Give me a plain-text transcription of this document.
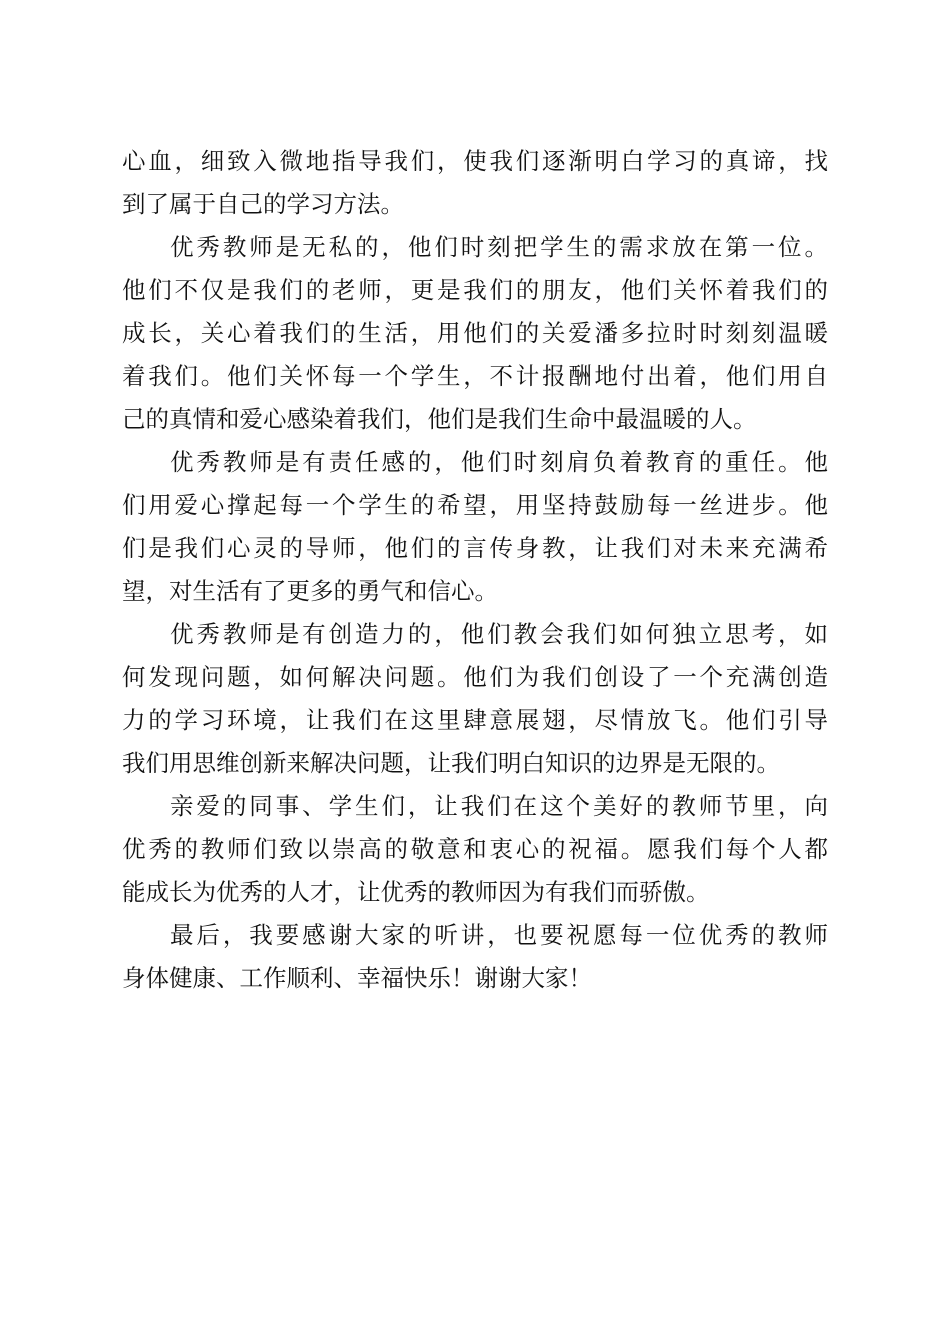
心血，细致入微地指导我们，使我们逐渐明白学习的真谛，找
到了属于自己的学习方法。
优秀教师是无私的，他们时刻把学生的需求放在第一位。
他们不仅是我们的老师，更是我们的朋友，他们关怀着我们的
成长，关心着我们的生活，用他们的关爱潘多拉时时刻刻温暖
着我们。他们关怀每一个学生，不计报酬地付出着，他们用自
己的真情和爱心感染着我们，他们是我们生命中最温暖的人。
优秀教师是有责任感的，他们时刻肩负着教育的重任。他
们用爱心撑起每一个学生的希望，用坚持鼓励每一丝进步。他
们是我们心灵的导师，他们的言传身教，让我们对未来充满希
望，对生活有了更多的勇气和信心。
优秀教师是有创造力的，他们教会我们如何独立思考，如
何发现问题，如何解决问题。他们为我们创设了一个充满创造
力的学习环境，让我们在这里肆意展翅，尽情放飞。他们引导
我们用思维创新来解决问题，让我们明白知识的边界是无限的。
亲爱的同事、学生们，让我们在这个美好的教师节里，向
优秀的教师们致以崇高的敬意和衷心的祝福。愿我们每个人都
能成长为优秀的人才，让优秀的教师因为有我们而骄傲。
最后，我要感谢大家的听讲，也要祝愿每一位优秀的教师
身体健康、工作顺利、幸福快乐！谢谢大家！
